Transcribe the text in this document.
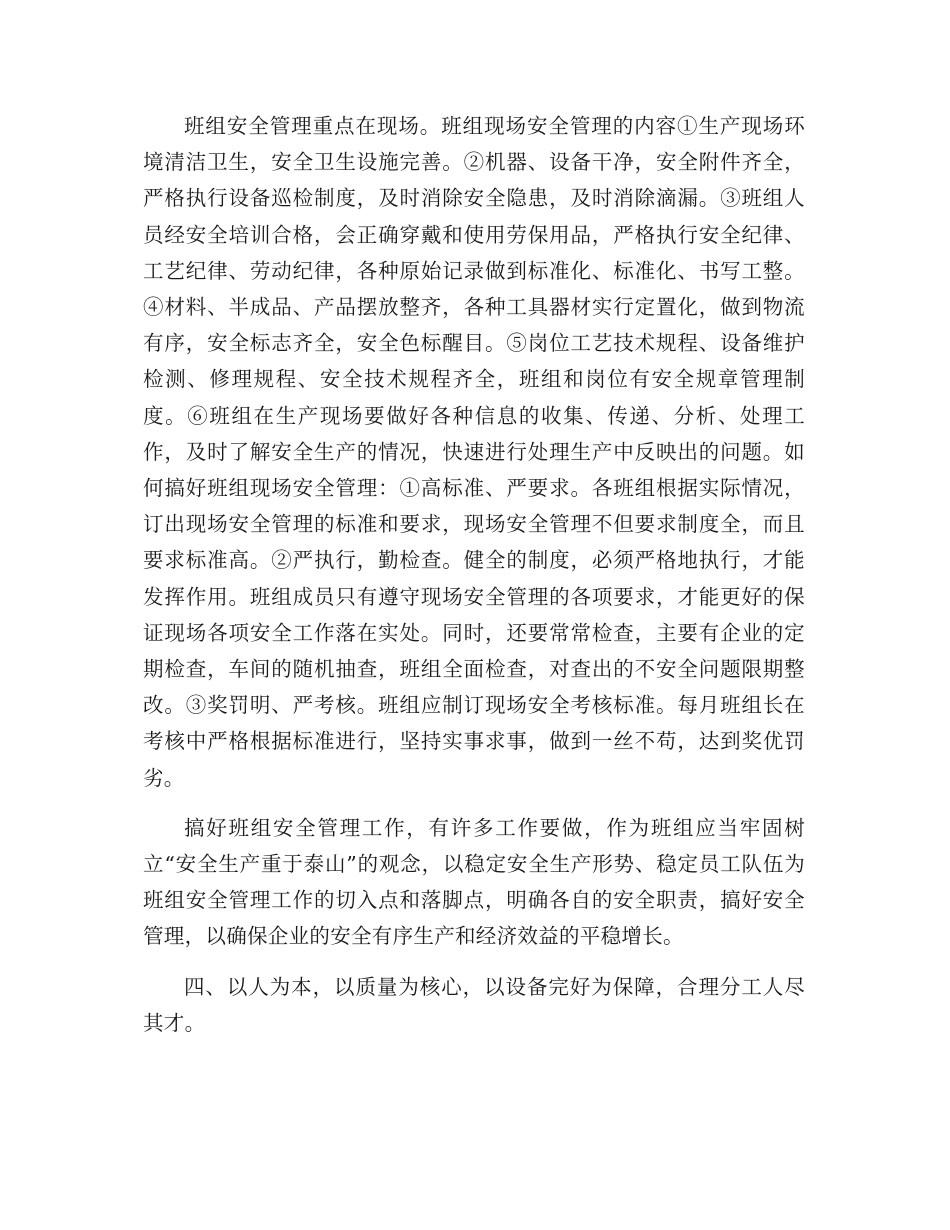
班组安全管理重点在现场。班组现场安全管理的内容①生产现场环境清洁卫生，安全卫生设施完善。②机器、设备干净，安全附件齐全，严格执行设备巡检制度，及时消除安全隐患，及时消除滴漏。③班组人员经安全培训合格，会正确穿戴和使用劳保用品，严格执行安全纪律、工艺纪律、劳动纪律，各种原始记录做到标准化、标准化、书写工整。④材料、半成品、产品摆放整齐，各种工具器材实行定置化，做到物流有序，安全标志齐全，安全色标醒目。⑤岗位工艺技术规程、设备维护检测、修理规程、安全技术规程齐全，班组和岗位有安全规章管理制度。⑥班组在生产现场要做好各种信息的收集、传递、分析、处理工作，及时了解安全生产的情况，快速进行处理生产中反映出的问题。如何搞好班组现场安全管理：①高标准、严要求。各班组根据实际情况，订出现场安全管理的标准和要求，现场安全管理不但要求制度全，而且要求标准高。②严执行，勤检查。健全的制度，必须严格地执行，才能发挥作用。班组成员只有遵守现场安全管理的各项要求，才能更好的保证现场各项安全工作落在实处。同时，还要常常检查，主要有企业的定期检查，车间的随机抽查，班组全面检查，对查出的不安全问题限期整改。③奖罚明、严考核。班组应制订现场安全考核标准。每月班组长在考核中严格根据标准进行，坚持实事求事，做到一丝不苟，达到奖优罚劣。

搞好班组安全管理工作，有许多工作要做，作为班组应当牢固树立“安全生产重于泰山”的观念，以稳定安全生产形势、稳定员工队伍为班组安全管理工作的切入点和落脚点，明确各自的安全职责，搞好安全管理，以确保企业的安全有序生产和经济效益的平稳增长。

四、以人为本，以质量为核心，以设备完好为保障，合理分工人尽其才。
